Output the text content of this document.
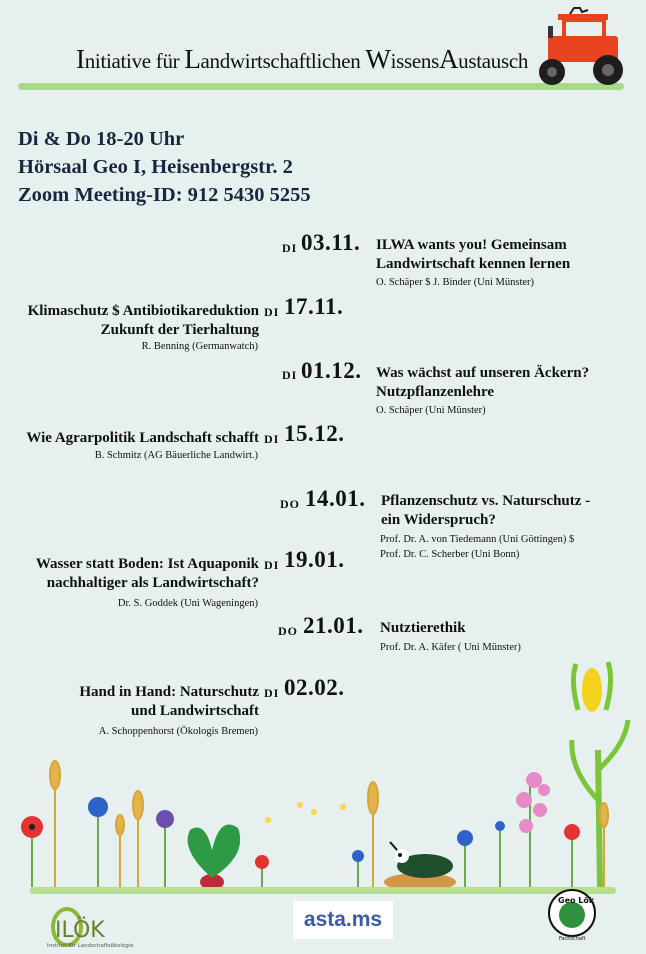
Initiative für Landwirtschaftlichen WissensAustausch
Di & Do 18-20 Uhr
Hörsaal Geo I, Heisenbergstr. 2
Zoom Meeting-ID: 912 5430 5255
DI 03.11. ILWA wants you! Gemeinsam
Landwirtschaft kennen lernen
O. Schäper $ J. Binder (Uni Münster)
Klimaschutz $ Antibiotikareduktion
Zukunft der Tierhaltung
R. Benning (Germanwatch)
DI 17.11.
DI 01.12. Was wächst auf unseren Äckern?
Nutzpflanzenlehre
O. Schäper (Uni Münster)
Wie Agrarpolitik Landschaft schafft
B. Schmitz (AG Bäuerliche Landwirt.)
DI 15.12.
DO 14.01. Pflanzenschutz vs. Naturschutz -
ein Widerspruch?
Prof. Dr. A. von Tiedemann (Uni Göttingen) $
Prof. Dr. C. Scherber (Uni Bonn)
Wasser statt Boden: Ist Aquaponik
nachhaltiger als Landwirtschaft?
Dr. S. Goddek (Uni Wageningen)
DI 19.01.
DO 21.01. Nutztierethik
Prof. Dr. A. Käfer ( Uni Münster)
Hand in Hand: Naturschutz
und Landwirtschaft
A. Schoppenhorst (Ökologis Bremen)
DI 02.02.
ILÖK
Institut für Landschaftsökologie
asta.ms
Geo Lök
Fachschaft
